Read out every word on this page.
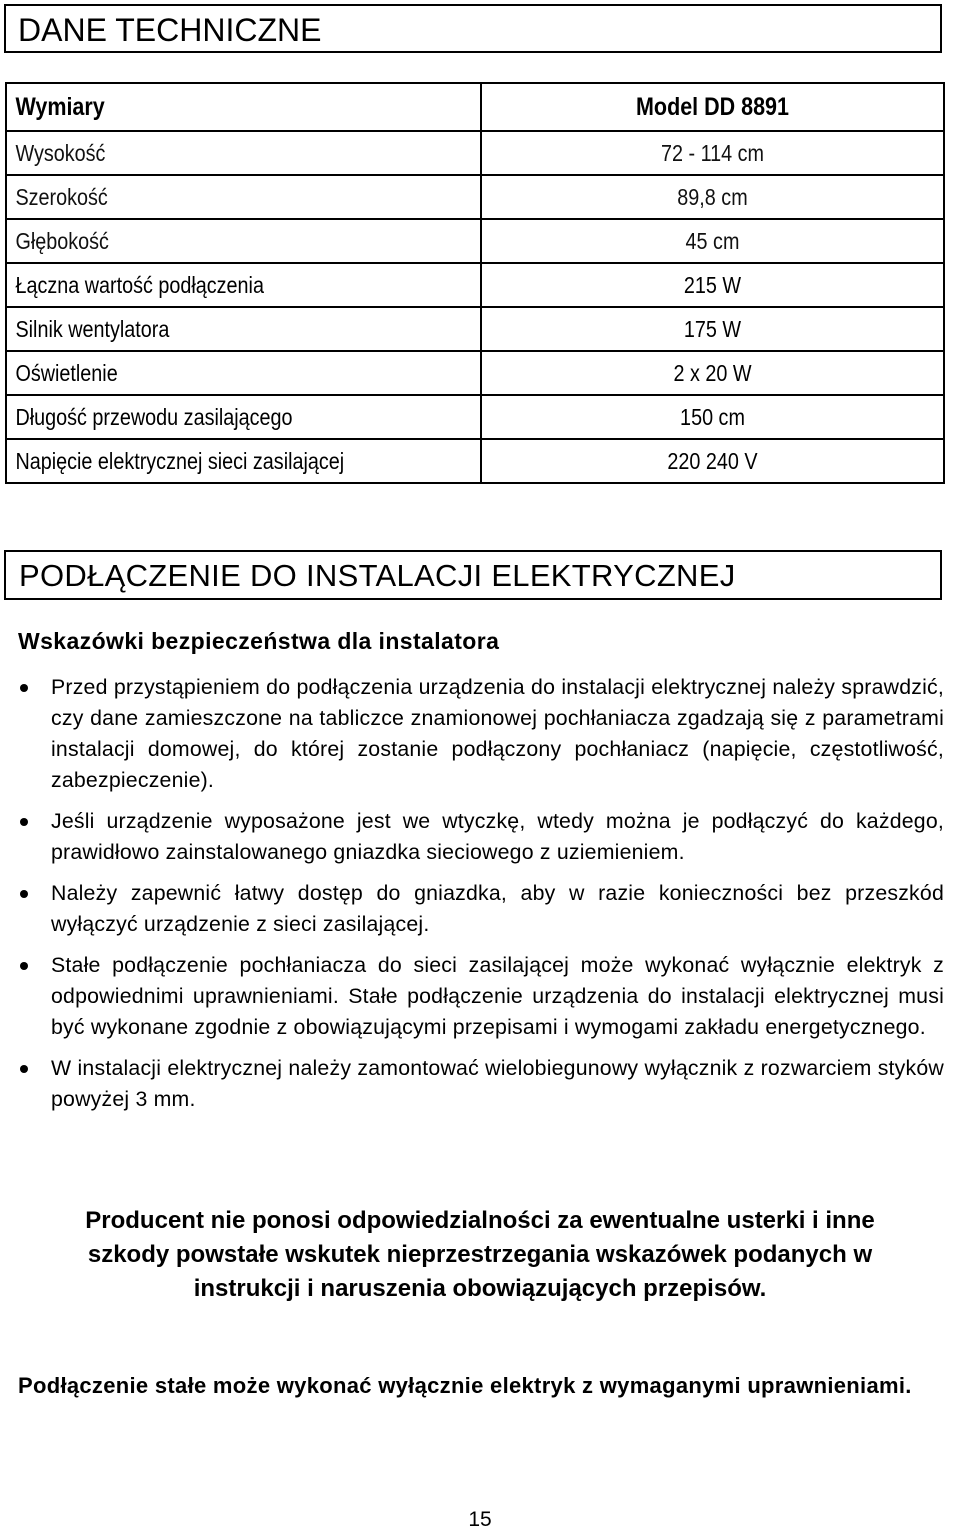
DANE TECHNICZNE
Wymiary	Model DD 8891
Wysokość	72 - 114 cm
Szerokość	89,8 cm
Głębokość	45 cm
Łączna wartość podłączenia	215 W
Silnik wentylatora	175 W
Oświetlenie	2 x 20 W
Długość przewodu zasilającego	150 cm
Napięcie elektrycznej sieci zasilającej	220 240 V
PODŁĄCZENIE DO INSTALACJI ELEKTRYCZNEJ
Wskazówki bezpieczeństwa dla instalatora
Przed przystąpieniem do podłączenia urządzenia do instalacji elektrycznej należy sprawdzić, czy dane zamieszczone na tabliczce znamionowej pochłaniacza zgadzają się z parametrami instalacji domowej, do której zostanie podłączony pochłaniacz (napięcie, częstotliwość, zabezpieczenie).
Jeśli urządzenie wyposażone jest we wtyczkę, wtedy można je podłączyć do każdego, prawidłowo zainstalowanego gniazdka sieciowego z uziemieniem.
Należy zapewnić łatwy dostęp do gniazdka, aby w razie konieczności bez przeszkód wyłączyć urządzenie z sieci zasilającej.
Stałe podłączenie pochłaniacza do sieci zasilającej może wykonać wyłącznie elektryk z odpowiednimi uprawnieniami. Stałe podłączenie urządzenia do instalacji elektrycznej musi być wykonane zgodnie z obowiązującymi przepisami i wymogami zakładu energetycznego.
W instalacji elektrycznej należy zamontować wielobiegunowy wyłącznik z rozwarciem styków powyżej 3 mm.
Producent nie ponosi odpowiedzialności za ewentualne usterki i inne szkody powstałe wskutek nieprzestrzegania wskazówek podanych w instrukcji i naruszenia obowiązujących przepisów.
Podłączenie stałe może wykonać wyłącznie elektryk z wymaganymi uprawnieniami.
15
